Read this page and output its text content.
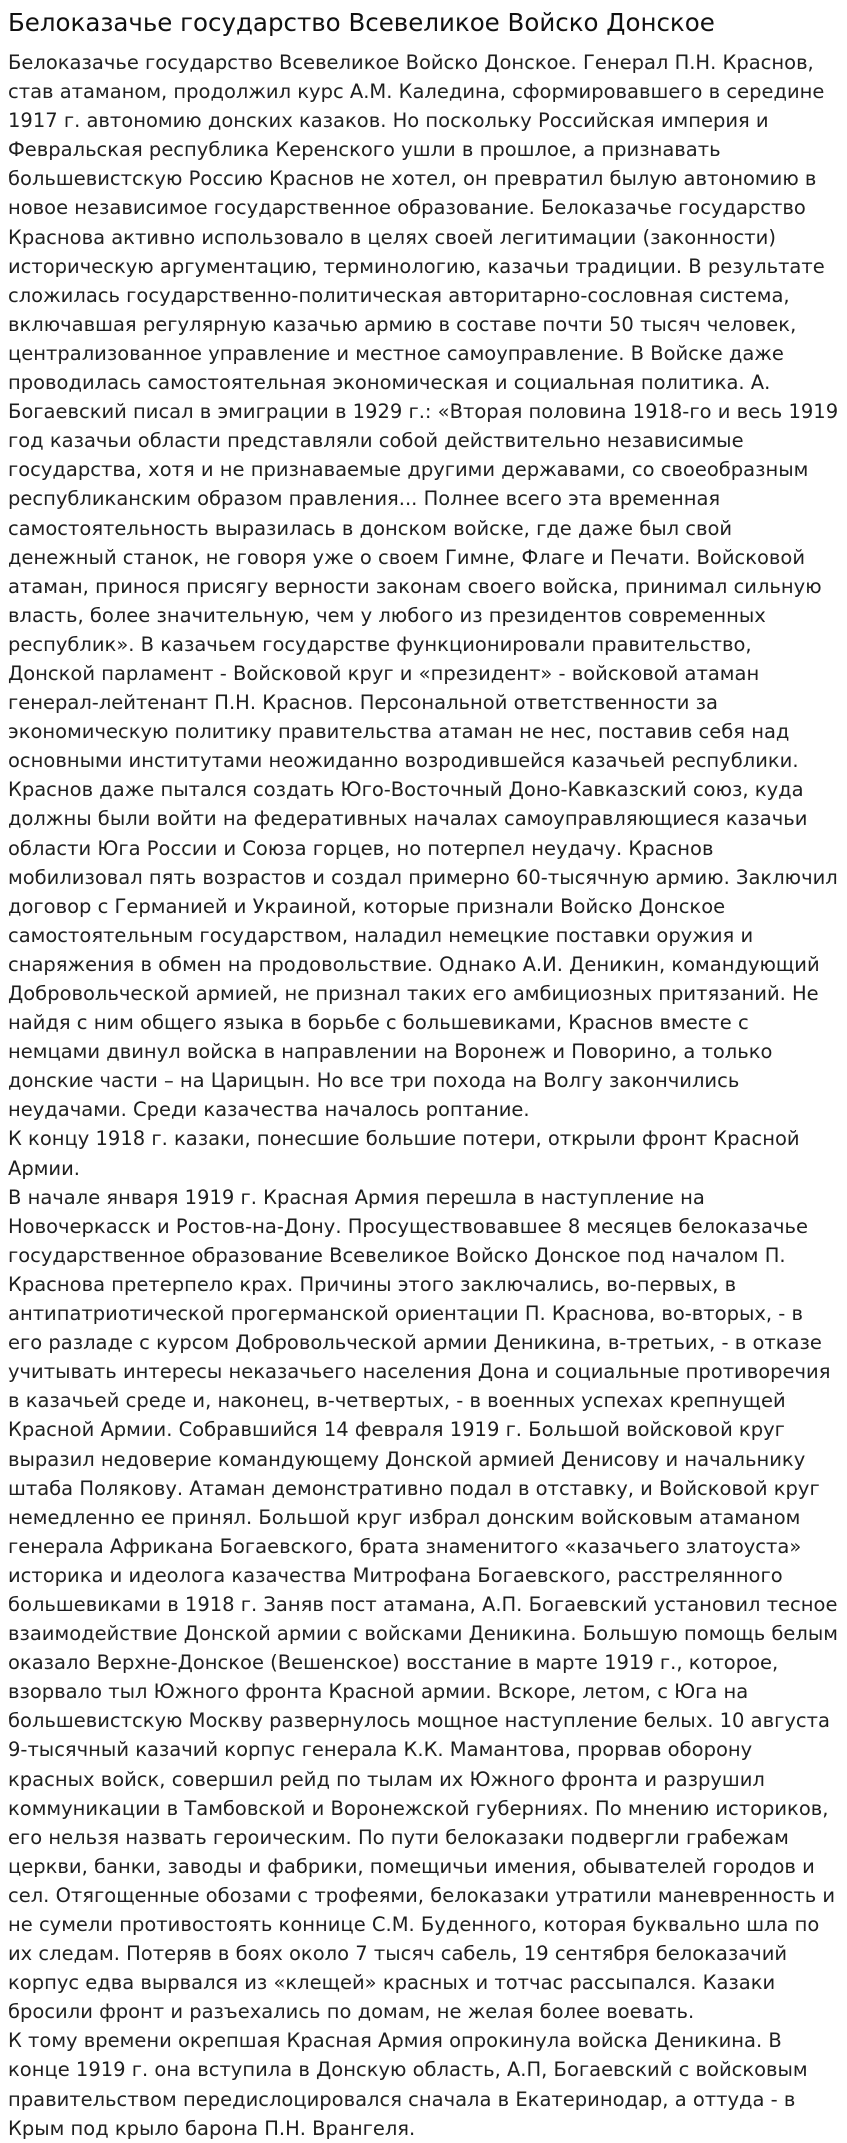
Белоказачье государство Всевеликое Войско Донское

Белоказачье государство Всевеликое Войско Донское. Генерал П.Н. Краснов, став атаманом, продолжил курс А.М. Каледина, сформировавшего в середине 1917 г. автономию донских казаков. Но поскольку Российская империя и Февральская республика Керенского ушли в прошлое, а признавать большевистскую Россию Краснов не хотел, он превратил былую автономию в новое независимое государственное образование. Белоказачье государство Краснова активно использовало в целях своей легитимации (законности) историческую аргументацию, терминологию, казачьи традиции. В результате сложилась государственно-политическая авторитарно-сословная система, включавшая регулярную казачью армию в составе почти 50 тысяч человек, централизованное управление и местное самоуправление. В Войске даже проводилась самостоятельная экономическая и социальная политика. А. Богаевский писал в эмиграции в 1929 г.: «Вторая половина 1918-го и весь 1919 год казачьи области представляли собой действительно независимые государства, хотя и не признаваемые другими державами, со своеобразным республиканским образом правления... Полнее всего эта временная самостоятельность выразилась в донском войске, где даже был свой денежный станок, не говоря уже о своем Гимне, Флаге и Печати. Войсковой атаман, принося присягу верности законам своего войска, принимал сильную власть, более значительную, чем у любого из президентов современных республик». В казачьем государстве функционировали правительство, Донской парламент - Войсковой круг и «президент» - войсковой атаман генерал-лейтенант П.Н. Краснов. Персональной ответственности за экономическую политику правительства атаман не нес, поставив себя над основными институтами неожиданно возродившейся казачьей республики.

Краснов даже пытался создать Юго-Восточный Доно-Кавказский союз, куда должны были войти на федеративных началах самоуправляющиеся казачьи области Юга России и Союза горцев, но потерпел неудачу. Краснов мобилизовал пять возрастов и создал примерно 60-тысячную армию. Заключил договор с Германией и Украиной, которые признали Войско Донское самостоятельным государством, наладил немецкие поставки оружия и снаряжения в обмен на продовольствие. Однако А.И. Деникин, командующий Добровольческой армией, не признал таких его амбициозных притязаний. Не найдя с ним общего языка в борьбе с большевиками, Краснов вместе с немцами двинул войска в направлении на Воронеж и Поворино, а только донские части – на Царицын. Но все три похода на Волгу закончились неудачами. Среди казачества началось роптание.

К концу 1918 г. казаки, понесшие большие потери, открыли фронт Красной Армии.

В начале января 1919 г. Красная Армия перешла в наступление на Новочеркасск и Ростов-на-Дону. Просуществовавшее 8 месяцев белоказачье государственное образование Всевеликое Войско Донское под началом П. Краснова претерпело крах. Причины этого заключались, во-первых, в антипатриотической прогерманской ориентации П. Краснова, во-вторых, - в его разладе с курсом Добровольческой армии Деникина, в-третьих, - в отказе учитывать интересы неказачьего населения Дона и социальные противоречия в казачьей среде и, наконец, в-четвертых, - в военных успехах крепнущей Красной Армии. Собравшийся 14 февраля 1919 г. Большой войсковой круг выразил недоверие командующему Донской армией Денисову и начальнику штаба Полякову. Атаман демонстративно подал в отставку, и Войсковой круг немедленно ее принял. Большой круг избрал донским войсковым атаманом генерала Африкана Богаевского, брата знаменитого «казачьего златоуста» историка и идеолога казачества Митрофана Богаевского, расстрелянного большевиками в 1918 г. Заняв пост атамана, А.П. Богаевский установил тесное взаимодействие Донской армии с войсками Деникина. Большую помощь белым оказало Верхне-Донское (Вешенское) восстание в марте 1919 г., которое, взорвало тыл Южного фронта Красной армии. Вскоре, летом, с Юга на большевистскую Москву развернулось мощное наступление белых. 10 августа 9-тысячный казачий корпус генерала К.К. Мамантова, прорвав оборону красных войск, совершил рейд по тылам их Южного фронта и разрушил коммуникации в Тамбовской и Воронежской губерниях. По мнению историков, его нельзя назвать героическим. По пути белоказаки подвергли грабежам церкви, банки, заводы и фабрики, помещичьи имения, обывателей городов и сел. Отягощенные обозами с трофеями, белоказаки утратили маневренность и не сумели противостоять коннице С.М. Буденного, которая буквально шла по их следам. Потеряв в боях около 7 тысяч сабель, 19 сентября белоказачий корпус едва вырвался из «клещей» красных и тотчас рассыпался. Казаки бросили фронт и разъехались по домам, не желая более воевать.

К тому времени окрепшая Красная Армия опрокинула войска Деникина. В конце 1919 г. она вступила в Донскую область, А.П, Богаевский с войсковым правительством передислоцировался сначала в Екатеринодар, а оттуда - в Крым под крыло барона П.Н. Врангеля.
